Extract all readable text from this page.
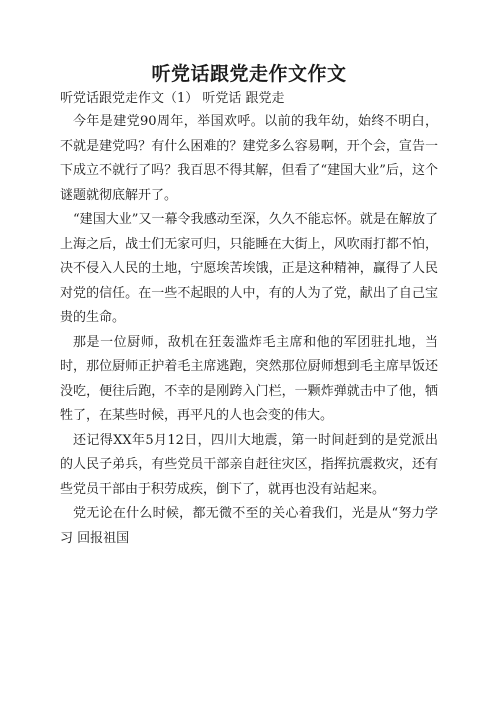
听党话跟党走作文作文

听党话跟党走作文（1） 听党话 跟党走

今年是建党90周年，举国欢呼。以前的我年幼，始终不明白，不就是建党吗？有什么困难的？建党多么容易啊，开个会，宣告一下成立不就行了吗？我百思不得其解，但看了“建国大业”后，这个谜题就彻底解开了。

“建国大业”又一幕令我感动至深，久久不能忘怀。就是在解放了上海之后，战士们无家可归，只能睡在大街上，风吹雨打都不怕，决不侵入人民的土地，宁愿埃苦埃饿，正是这种精神，赢得了人民对党的信任。在一些不起眼的人中，有的人为了党，献出了自己宝贵的生命。

那是一位厨师，敌机在狂轰滥炸毛主席和他的军团驻扎地，当时，那位厨师正护着毛主席逃跑，突然那位厨师想到毛主席早饭还没吃，便往后跑，不幸的是刚跨入门栏，一颗炸弹就击中了他，牺牲了，在某些时候，再平凡的人也会变的伟大。

还记得XX年5月12日，四川大地震，第一时间赶到的是党派出的人民子弟兵，有些党员干部亲自赶往灾区，指挥抗震救灾，还有些党员干部由于积劳成疾，倒下了，就再也没有站起来。

党无论在什么时候，都无微不至的关心着我们，光是从“努力学习 回报祖国
